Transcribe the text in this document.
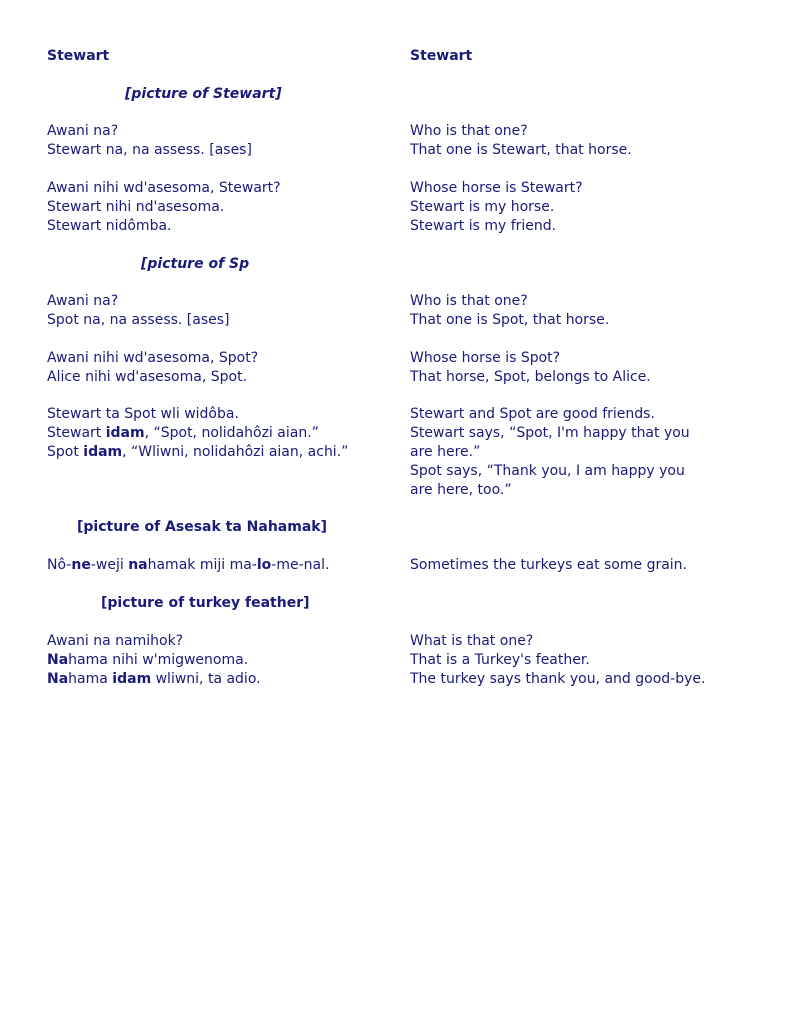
Stewart	Stewart
[picture of Stewart]
Awani na?
Stewart na, na assess. [ases]
Awani nihi wd'asesoma, Stewart?
Stewart nihi nd'asesoma.
Stewart nidômba.
Who is that one?
That one is Stewart, that horse.
Whose horse is Stewart?
Stewart is my horse.
Stewart is my friend.
[picture of Sp
Awani na?
Spot na, na assess. [ases]
Awani nihi wd'asesoma, Spot?
Alice nihi wd'asesoma, Spot.
Stewart ta Spot wli widôba.
Stewart idam, “Spot, nolidahôzi aian.”
Spot idam, “Wliwni, nolidahôzi aian, achi.”
Who is that one?
That one is Spot, that horse.
Whose horse is Spot?
That horse, Spot, belongs to Alice.
Stewart and Spot are good friends.
Stewart says, “Spot, I'm happy that you
are here.”
Spot says, “Thank you, I am happy you
are here, too.”
[picture of Asesak ta Nahamak]
Nô-ne-weji nahamak miji ma-lo-me-nal.	Sometimes the turkeys eat some grain.
[picture of turkey feather]
Awani na namihok?
Nahama nihi w'migwenoma.
Nahama idam wliwni, ta adio.
What is that one?
That is a Turkey's feather.
The turkey says thank you, and good-bye.
